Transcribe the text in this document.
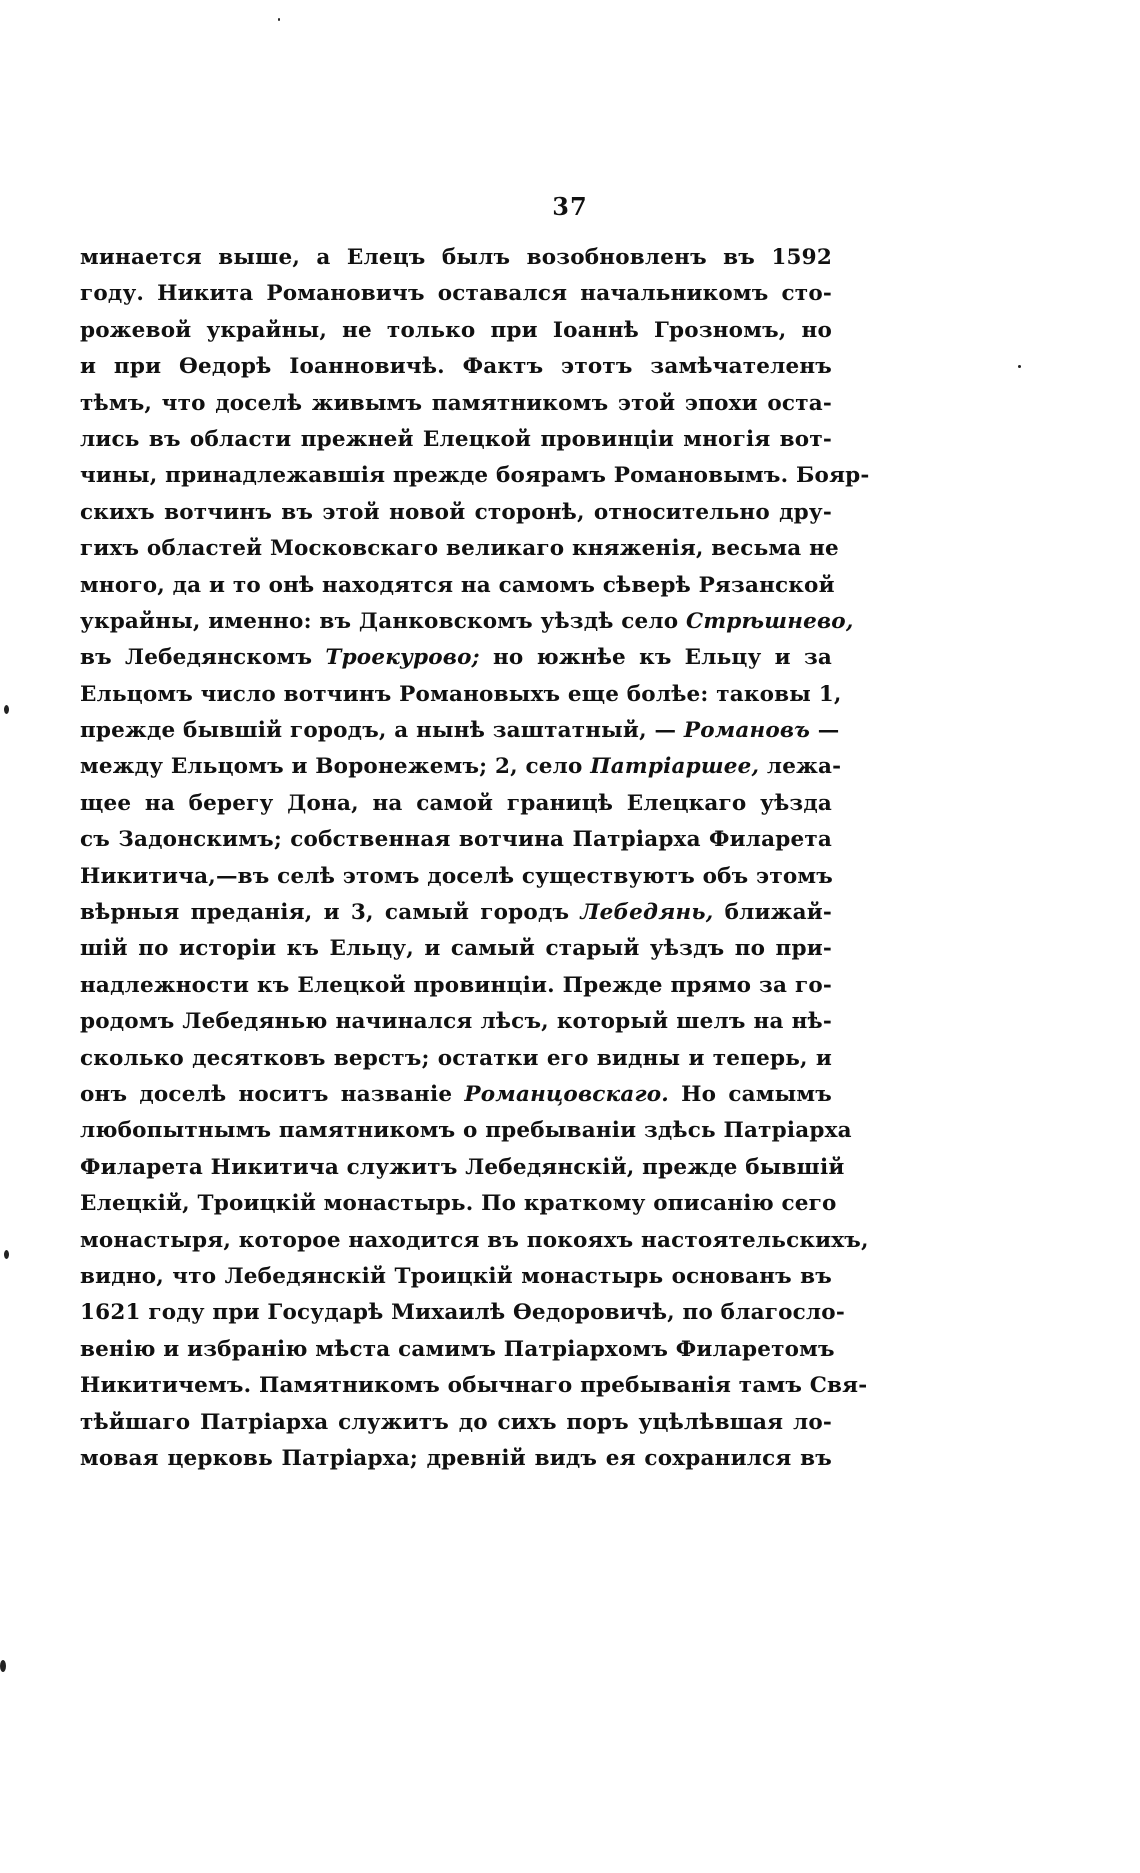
37
минается выше, а Елецъ былъ возобновленъ въ 1592
году. Никита Романовичъ оставался начальникомъ сто-
рожевой украйны, не только при Іоаннѣ Грозномъ, но
и при Ѳедорѣ Іоанновичѣ. Фактъ этотъ замѣчателенъ
тѣмъ, что доселѣ живымъ памятникомъ этой эпохи оста-
лись въ области прежней Елецкой провинціи многія вот-
чины, принадлежавшія прежде боярамъ Романовымъ. Бояр-
скихъ вотчинъ въ этой новой сторонѣ, относительно дру-
гихъ областей Московскаго великаго княженія, весьма не
много, да и то онѣ находятся на самомъ сѣверѣ Рязанской
украйны, именно: въ Данковскомъ уѣздѣ село Стрѣшнево,
въ Лебедянскомъ Троекурово; но южнѣе къ Ельцу и за
Ельцомъ число вотчинъ Романовыхъ еще болѣе: таковы 1,
прежде бывшій городъ, а нынѣ заштатный, — Романовъ —
между Ельцомъ и Воронежемъ; 2, село Патріаршее, лежа-
щее на берегу Дона, на самой границѣ Елецкаго уѣзда
съ Задонскимъ; собственная вотчина Патріарха Филарета
Никитича,—въ селѣ этомъ доселѣ существуютъ объ этомъ
вѣрныя преданія, и 3, самый городъ Лебедянь, ближай-
шій по исторіи къ Ельцу, и самый старый уѣздъ по при-
надлежности къ Елецкой провинціи. Прежде прямо за го-
родомъ Лебедянью начинался лѣсъ, который шелъ на нѣ-
сколько десятковъ верстъ; остатки его видны и теперь, и
онъ доселѣ носитъ названіе Романцовскаго. Но самымъ
любопытнымъ памятникомъ о пребываніи здѣсь Патріарха
Филарета Никитича служитъ Лебедянскій, прежде бывшій
Елецкій, Троицкій монастырь. По краткому описанію сего
монастыря, которое находится въ покояхъ настоятельскихъ,
видно, что Лебедянскій Троицкій монастырь основанъ въ
1621 году при Государѣ Михаилѣ Ѳедоровичѣ, по благосло-
венію и избранію мѣста самимъ Патріархомъ Филаретомъ
Никитичемъ. Памятникомъ обычнаго пребыванія тамъ Свя-
тѣйшаго Патріарха служитъ до сихъ поръ уцѣлѣвшая ло-
мовая церковь Патріарха; древній видъ ея сохранился въ
